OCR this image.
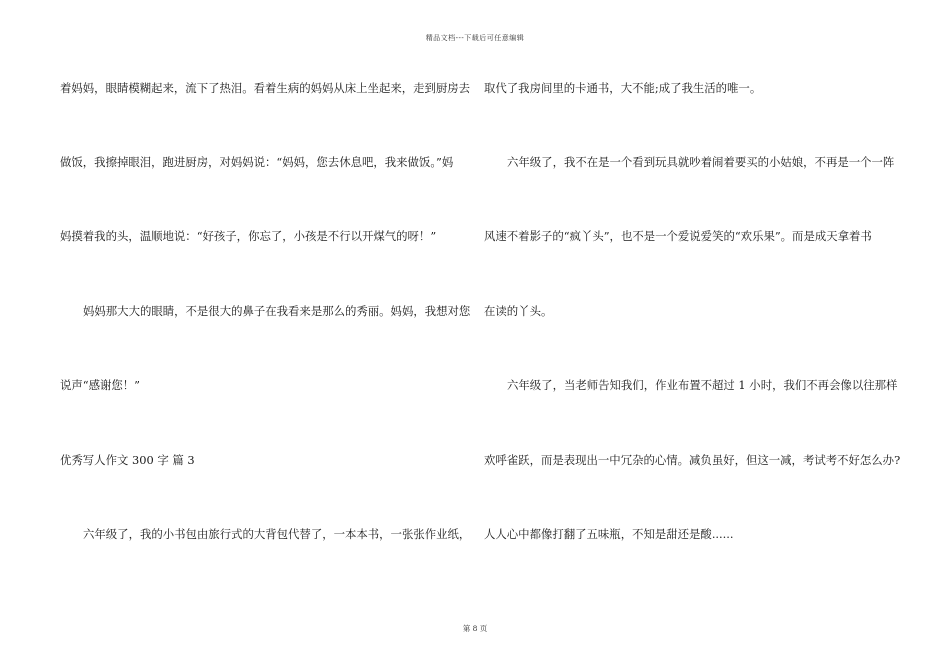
精品文档---下载后可任意编辑
着妈妈，眼睛模糊起来，流下了热泪。看着生病的妈妈从床上坐起来，走到厨房去
做饭，我擦掉眼泪，跑进厨房，对妈妈说：“妈妈，您去休息吧，我来做饭。”妈
妈摸着我的头，温顺地说：“好孩子，你忘了，小孩是不行以开煤气的呀！”
妈妈那大大的眼睛，不是很大的鼻子在我看来是那么的秀丽。妈妈，我想对您
说声“感谢您！”
优秀写人作文 300 字 篇 3
六年级了，我的小书包由旅行式的大背包代替了，一本本书，一张张作业纸，
取代了我房间里的卡通书，大不能;成了我生活的唯一。
六年级了，我不在是一个看到玩具就吵着闹着要买的小姑娘，不再是一个一阵
风速不着影子的“疯丫头”，也不是一个爱说爱笑的“欢乐果”。而是成天拿着书
在读的丫头。
六年级了，当老师告知我们，作业布置不超过 1 小时，我们不再会像以往那样
欢呼雀跃，而是表现出一中冗杂的心情。减负虽好，但这一减，考试考不好怎么办?
人人心中都像打翻了五味瓶，不知是甜还是酸......
第 8 页
